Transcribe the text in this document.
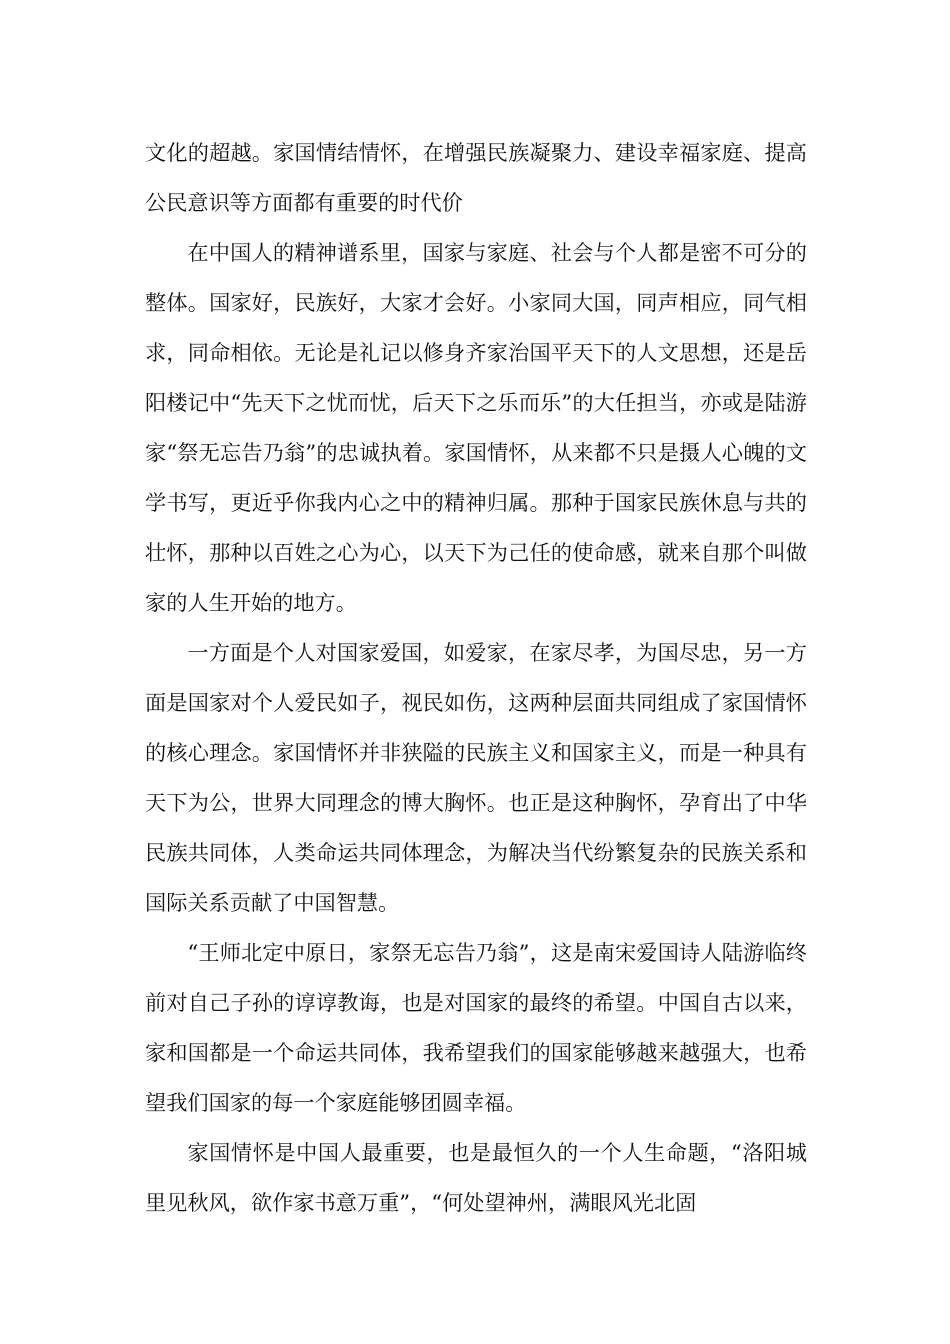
文化的超越。家国情结情怀，在增强民族凝聚力、建设幸福家庭、提高公民意识等方面都有重要的时代价

在中国人的精神谱系里，国家与家庭、社会与个人都是密不可分的整体。国家好，民族好，大家才会好。小家同大国，同声相应，同气相求，同命相依。无论是礼记以修身齐家治国平天下的人文思想，还是岳阳楼记中“先天下之忧而忧，后天下之乐而乐”的大任担当，亦或是陆游家“祭无忘告乃翁”的忠诚执着。家国情怀，从来都不只是摄人心魄的文学书写，更近乎你我内心之中的精神归属。那种于国家民族休息与共的壮怀，那种以百姓之心为心，以天下为己任的使命感，就来自那个叫做家的人生开始的地方。

一方面是个人对国家爱国，如爱家，在家尽孝，为国尽忠，另一方面是国家对个人爱民如子，视民如伤，这两种层面共同组成了家国情怀的核心理念。家国情怀并非狭隘的民族主义和国家主义，而是一种具有天下为公，世界大同理念的博大胸怀。也正是这种胸怀，孕育出了中华民族共同体，人类命运共同体理念，为解决当代纷繁复杂的民族关系和国际关系贡献了中国智慧。

“王师北定中原日，家祭无忘告乃翁”，这是南宋爱国诗人陆游临终前对自己子孙的谆谆教诲，也是对国家的最终的希望。中国自古以来，家和国都是一个命运共同体，我希望我们的国家能够越来越强大，也希望我们国家的每一个家庭能够团圆幸福。

家国情怀是中国人最重要，也是最恒久的一个人生命题，“洛阳城里见秋风，欲作家书意万重”，“何处望神州，满眼风光北固
